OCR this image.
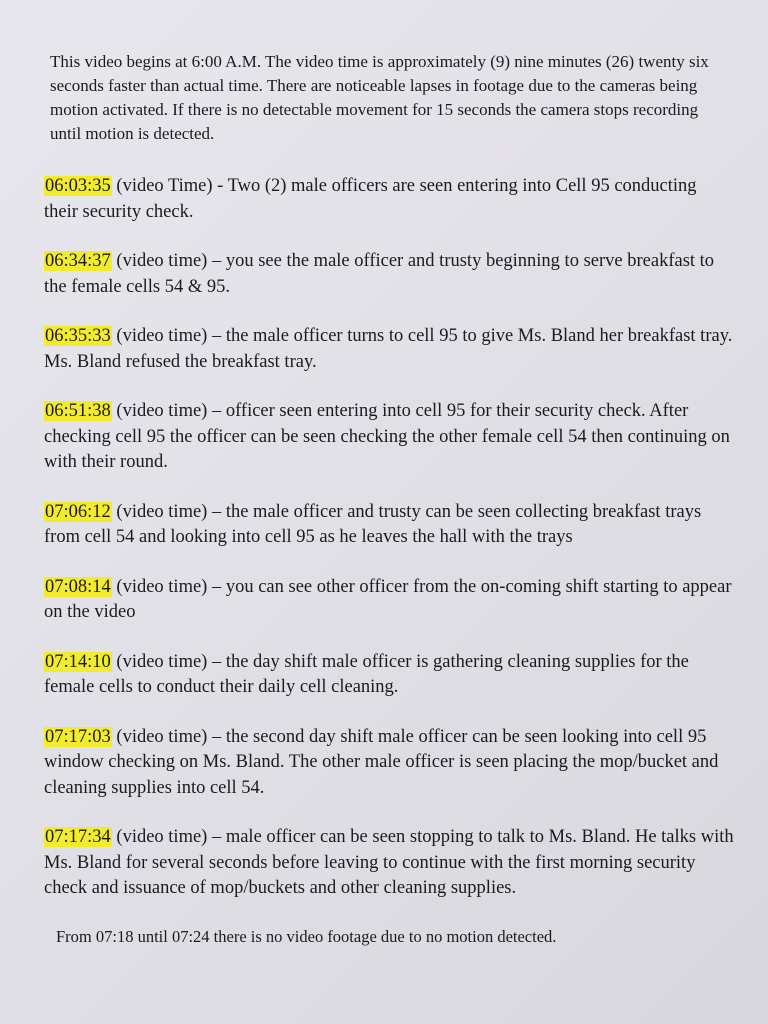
This video begins at 6:00 A.M. The video time is approximately (9) nine minutes (26) twenty six seconds faster than actual time. There are noticeable lapses in footage due to the cameras being motion activated. If there is no detectable movement for 15 seconds the camera stops recording until motion is detected.

06:03:35 (video Time) - Two (2) male officers are seen entering into Cell 95 conducting their security check.

06:34:37 (video time) – you see the male officer and trusty beginning to serve breakfast to the female cells 54 & 95.

06:35:33 (video time) – the male officer turns to cell 95 to give Ms. Bland her breakfast tray. Ms. Bland refused the breakfast tray.

06:51:38 (video time) – officer seen entering into cell 95 for their security check. After checking cell 95 the officer can be seen checking the other female cell 54 then continuing on with their round.

07:06:12 (video time) – the male officer and trusty can be seen collecting breakfast trays from cell 54 and looking into cell 95 as he leaves the hall with the trays

07:08:14 (video time) – you can see other officer from the on-coming shift starting to appear on the video

07:14:10 (video time) – the day shift male officer is gathering cleaning supplies for the female cells to conduct their daily cell cleaning.

07:17:03 (video time) – the second day shift male officer can be seen looking into cell 95 window checking on Ms. Bland. The other male officer is seen placing the mop/bucket and cleaning supplies into cell 54.

07:17:34 (video time) – male officer can be seen stopping to talk to Ms. Bland. He talks with Ms. Bland for several seconds before leaving to continue with the first morning security check and issuance of mop/buckets and other cleaning supplies.

From 07:18 until 07:24 there is no video footage due to no motion detected.
